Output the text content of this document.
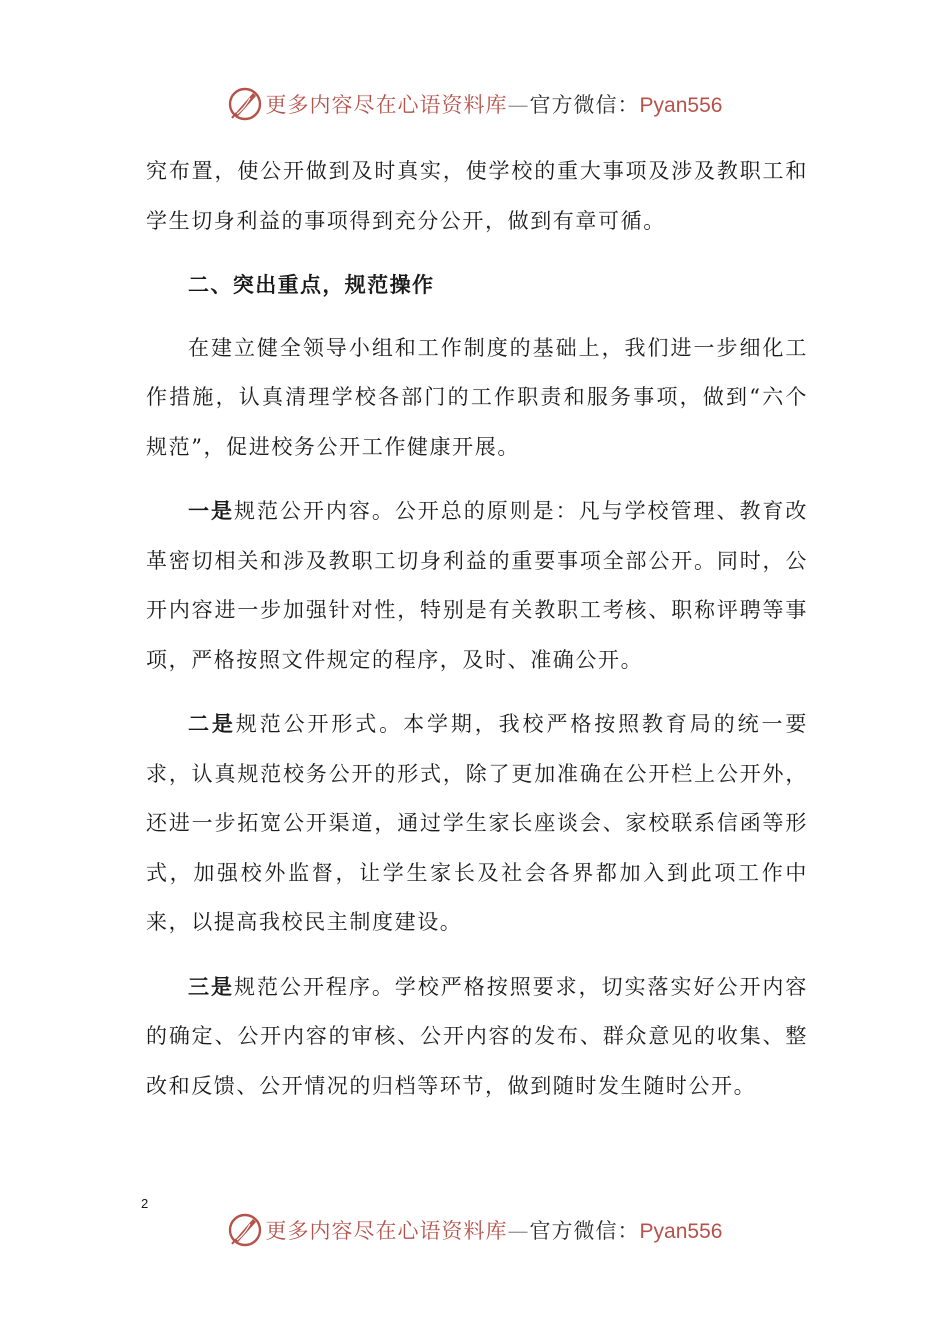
更多内容尽在心语资料库—官方微信：Pyan556

究布置，使公开做到及时真实，使学校的重大事项及涉及教职工和学生切身利益的事项得到充分公开，做到有章可循。

二、突出重点，规范操作

在建立健全领导小组和工作制度的基础上，我们进一步细化工作措施，认真清理学校各部门的工作职责和服务事项，做到“六个规范”，促进校务公开工作健康开展。

一是规范公开内容。公开总的原则是：凡与学校管理、教育改革密切相关和涉及教职工切身利益的重要事项全部公开。同时，公开内容进一步加强针对性，特别是有关教职工考核、职称评聘等事项，严格按照文件规定的程序，及时、准确公开。

二是规范公开形式。本学期，我校严格按照教育局的统一要求，认真规范校务公开的形式，除了更加准确在公开栏上公开外，还进一步拓宽公开渠道，通过学生家长座谈会、家校联系信函等形式，加强校外监督，让学生家长及社会各界都加入到此项工作中来，以提高我校民主制度建设。

三是规范公开程序。学校严格按照要求，切实落实好公开内容的确定、公开内容的审核、公开内容的发布、群众意见的收集、整改和反馈、公开情况的归档等环节，做到随时发生随时公开。

2
更多内容尽在心语资料库—官方微信：Pyan556
